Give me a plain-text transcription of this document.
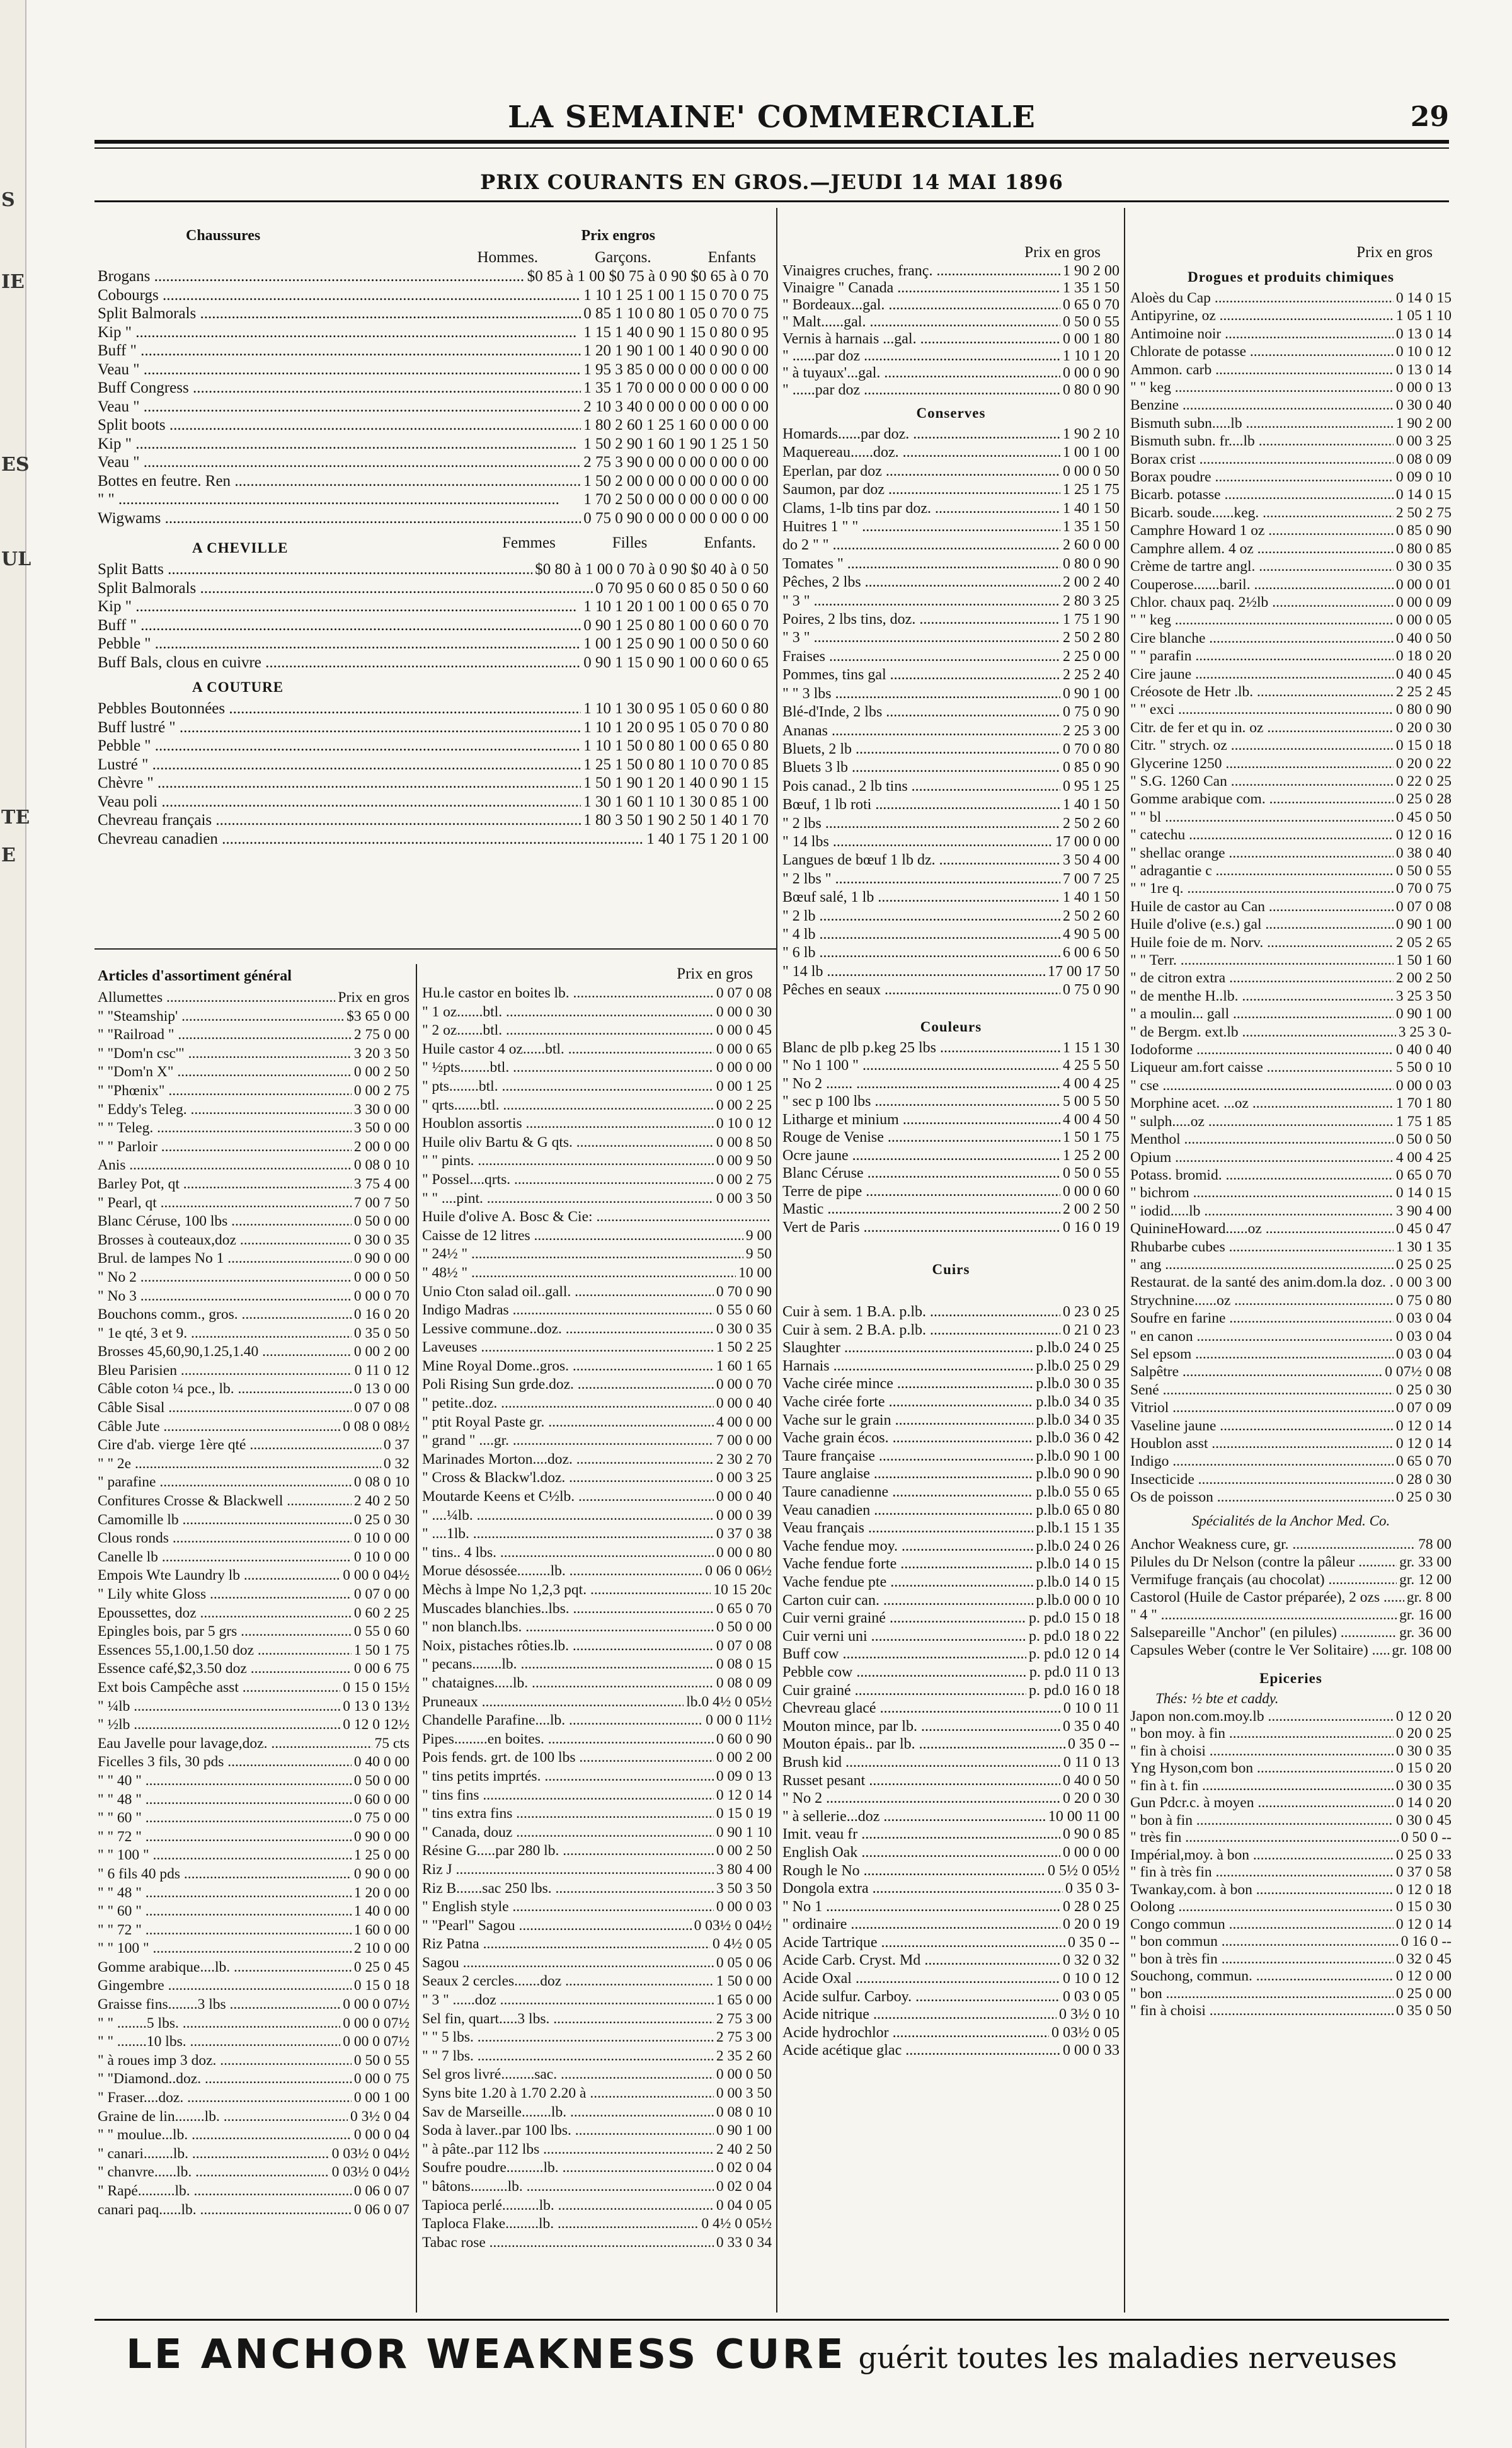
S
IE
ES
UL
TE
E
LA SEMAINE' COMMERCIALE	29
PRIX COURANTS EN GROS.—JEUDI 14 MAI 1896
Chaussures	Prix engros
Hommes.	Garçons.	Enfants
Brogans .....	$0 85 à 1 00 $0 75 à 0 90 $0 65 à 0 70
Cobourgs .....	1 10 1 25 1 00 1 15 0 70 0 75
Split Balmorals .....	0 85 1 10 0 80 1 05 0 70 0 75
Kip " .....	1 15 1 40 0 90 1 15 0 80 0 95
Buff " .....	1 20 1 90 1 00 1 40 0 90 0 00
Veau " .....	1 95 3 85 0 00 0 00 0 00 0 00
Buff Congress .....	1 35 1 70 0 00 0 00 0 00 0 00
Veau " .....	2 10 3 40 0 00 0 00 0 00 0 00
Split boots .....	1 80 2 60 1 25 1 60 0 00 0 00
Kip " .....	1 50 2 90 1 60 1 90 1 25 1 50
Veau " .....	2 75 3 90 0 00 0 00 0 00 0 00
Bottes en feutre. Ren .....	1 50 2 00 0 00 0 00 0 00 0 00
" " .....	1 70 2 50 0 00 0 00 0 00 0 00
Wigwams .....	0 75 0 90 0 00 0 00 0 00 0 00
A CHEVILLE	Femmes	Filles	Enfants.
Split Batts .....	$0 80 à 1 00 0 70 à 0 90 $0 40 à 0 50
Split Balmorals .....	0 70 95 0 60 0 85 0 50 0 60
Kip " .....	1 10 1 20 1 00 1 00 0 65 0 70
Buff " .....	0 90 1 25 0 80 1 00 0 60 0 70
Pebble " .....	1 00 1 25 0 90 1 00 0 50 0 60
Buff Bals, clous en cuivre .....	0 90 1 15 0 90 1 00 0 60 0 65
A COUTURE
Pebbles Boutonnées .....	1 10 1 30 0 95 1 05 0 60 0 80
Buff lustré " .....	1 10 1 20 0 95 1 05 0 70 0 80
Pebble " .....	1 10 1 50 0 80 1 00 0 65 0 80
Lustré " .....	1 25 1 50 0 80 1 10 0 70 0 85
Chèvre " .....	1 50 1 90 1 20 1 40 0 90 1 15
Veau poli .....	1 30 1 60 1 10 1 30 0 85 1 00
Chevreau français .....	1 80 3 50 1 90 2 50 1 40 1 70
Chevreau canadien .....	1 40 1 75 1 20 1 00
Articles d'assortiment général
Allumettes .....	Prix en gros
" "Steamship' .....	$3 65 0 00
" "Railroad " .....	2 75 0 00
" "Dom'n csc'" .....	3 20 3 50
" "Dom'n X" .....	0 00 2 50
" "Phœnix" .....	0 00 2 75
" Eddy's Teleg. .....	3 30 0 00
" " Teleg. .....	3 50 0 00
" " Parloir .....	2 00 0 00
Anis .....	0 08 0 10
Barley Pot, qt .....	3 75 4 00
" Pearl, qt .....	7 00 7 50
Blanc Céruse, 100 lbs .....	0 50 0 00
Brosses à couteaux,doz .....	0 30 0 35
Brul. de lampes No 1 .....	0 90 0 00
" No 2 .....	0 00 0 50
" No 3 .....	0 00 0 70
Bouchons comm., gros. .....	0 16 0 20
" 1e qté, 3 et 9. .....	0 35 0 50
Brosses 45,60,90,1.25,1.40 .....	0 00 2 00
Bleu Parisien .....	0 11 0 12
Câble coton ¼ pce., lb. .....	0 13 0 00
Câble Sisal .....	0 07 0 08
Câble Jute .....	0 08 0 08½
Cire d'ab. vierge 1ère qté .....	0 37
" " 2e .....	0 32
" parafine .....	0 08 0 10
Confitures Crosse & Blackwell .....	2 40 2 50
Camomille lb .....	0 25 0 30
Clous ronds .....	0 10 0 00
Canelle lb .....	0 10 0 00
Empois Wte Laundry lb .....	0 00 0 04½
" Lily white Gloss .....	0 07 0 00
Epoussettes, doz .....	0 60 2 25
Epingles bois, par 5 grs .....	0 55 0 60
Essences 55,1.00,1.50 doz .....	1 50 1 75
Essence café,$2,3.50 doz .....	0 00 6 75
Ext bois Campêche asst .....	0 15 0 15½
" ¼lb .....	0 13 0 13½
" ½lb .....	0 12 0 12½
Eau Javelle pour lavage,doz. .....	75 cts
Ficelles 3 fils, 30 pds .....	0 40 0 00
" " 40 " .....	0 50 0 00
" " 48 " .....	0 60 0 00
" " 60 " .....	0 75 0 00
" " 72 " .....	0 90 0 00
" " 100 " .....	1 25 0 00
" 6 fils 40 pds .....	0 90 0 00
" " 48 " .....	1 20 0 00
" " 60 " .....	1 40 0 00
" " 72 " .....	1 60 0 00
" " 100 " .....	2 10 0 00
Gomme arabique....lb. .....	0 25 0 45
Gingembre .....	0 15 0 18
Graisse fins........3 lbs .....	0 00 0 07½
" " ........5 lbs. .....	0 00 0 07½
" " ........10 lbs. .....	0 00 0 07½
" à roues imp 3 doz. .....	0 50 0 55
" "Diamond..doz. .....	0 00 0 75
" Fraser....doz. .....	0 00 1 00
Graine de lin........lb. .....	0 3½ 0 04
" " moulue...lb. .....	0 00 0 04
" canari........lb. .....	0 03½ 0 04½
" chanvre......lb. .....	0 03½ 0 04½
" Rapé..........lb. .....	0 06 0 07
canari paq......lb. .....	0 06 0 07
Prix en gros
Hu.le castor en boites lb. .....	0 07 0 08
" 1 oz.......btl. .....	0 00 0 30
" 2 oz.......btl. .....	0 00 0 45
Huile castor 4 oz......btl. .....	0 00 0 65
" ½pts........btl. .....	0 00 0 00
" pts........btl. .....	0 00 1 25
" qrts.......btl. .....	0 00 2 25
Houblon assortis .....	0 10 0 12
Huile oliv Bartu & G qts. .....	0 00 8 50
" " pints. .....	0 00 9 50
" Possel....qrts. .....	0 00 2 75
" " ....pint. .....	0 00 3 50
Huile d'olive A. Bosc & Cie: .....
Caisse de 12 litres .....	9 00
" 24½ " .....	9 50
" 48½ " .....	10 00
Unio Cton salad oil..gall. .....	0 70 0 90
Indigo Madras .....	0 55 0 60
Lessive commune..doz. .....	0 30 0 35
Laveuses .....	1 50 2 25
Mine Royal Dome..gros. .....	1 60 1 65
Poli Rising Sun grde.doz. .....	0 00 0 70
" petite..doz. .....	0 00 0 40
" ptit Royal Paste gr. .....	4 00 0 00
" grand " ....gr. .....	7 00 0 00
Marinades Morton....doz. .....	2 30 2 70
" Cross & Blackw'l.doz. .....	0 00 3 25
Moutarde Keens et C½lb. .....	0 00 0 40
" ....¼lb. .....	0 00 0 39
" ....1lb. .....	0 37 0 38
" tins.. 4 lbs. .....	0 00 0 80
Morue désossée.........lb. .....	0 06 0 06½
Mèchs à lmpe No 1,2,3 pqt. .....	10 15 20c
Muscades blanchies..lbs. .....	0 65 0 70
" non blanch.lbs. .....	0 50 0 00
Noix, pistaches rôties.lb. .....	0 07 0 08
" pecans........lb. .....	0 08 0 15
" chataignes.....lb. .....	0 08 0 09
Pruneaux .....	lb.0 4½ 0 05½
Chandelle Parafine....lb. .....	0 00 0 11½
Pipes.........en boites. .....	0 60 0 90
Pois fends. grt. de 100 lbs .....	0 00 2 00
" tins petits imprtés. .....	0 09 0 13
" tins fins .....	0 12 0 14
" tins extra fins .....	0 15 0 19
" Canada, douz .....	0 90 1 10
Résine G.....par 280 lb. .....	0 00 2 50
Riz J .....	3 80 4 00
Riz B.......sac 250 lbs. .....	3 50 3 50
" English style .....	0 00 0 03
" "Pearl" Sagou .....	0 03½ 0 04½
Riz Patna .....	0 4½ 0 05
Sagou .....	0 05 0 06
Seaux 2 cercles.......doz .....	1 50 0 00
" 3 " ......doz .....	1 65 0 00
Sel fin, quart.....3 lbs. .....	2 75 3 00
" " 5 lbs. .....	2 75 3 00
" " 7 lbs. .....	2 35 2 60
Sel gros livré.........sac. .....	0 00 0 50
Syns bite 1.20 à 1.70 2.20 à .....	0 00 3 50
Sav de Marseille........lb. .....	0 08 0 10
Soda à laver..par 100 lbs. .....	0 90 1 00
" à pâte..par 112 lbs .....	2 40 2 50
Soufre poudre..........lb. .....	0 02 0 04
" bâtons..........lb. .....	0 02 0 04
Tapioca perlé..........lb. .....	0 04 0 05
Taploca Flake.........lb. .....	0 4½ 0 05½
Tabac rose .....	0 33 0 34
Prix en gros
Vinaigres cruches, franç. .....	1 90 2 00
Vinaigre " Canada .....	1 35 1 50
" Bordeaux...gal. .....	0 65 0 70
" Malt......gal. .....	0 50 0 55
Vernis à harnais ...gal. .....	0 00 1 80
" ......par doz .....	1 10 1 20
" à tuyaux'...gal. .....	0 00 0 90
" ......par doz .....	0 80 0 90
Conserves
Homards......par doz. .....	1 90 2 10
Maquereau......doz. .....	1 00 1 00
Eperlan, par doz .....	0 00 0 50
Saumon, par doz .....	1 25 1 75
Clams, 1-lb tins par doz. .....	1 40 1 50
Huitres 1 " " .....	1 35 1 50
do 2 " " .....	2 60 0 00
Tomates " .....	0 80 0 90
Pêches, 2 lbs .....	2 00 2 40
" 3 " .....	2 80 3 25
Poires, 2 lbs tins, doz. .....	1 75 1 90
" 3 " .....	2 50 2 80
Fraises .....	2 25 0 00
Pommes, tins gal .....	2 25 2 40
" " 3 lbs .....	0 90 1 00
Blé-d'Inde, 2 lbs .....	0 75 0 90
Ananas .....	2 25 3 00
Bluets, 2 lb .....	0 70 0 80
Bluets 3 lb .....	0 85 0 90
Pois canad., 2 lb tins .....	0 95 1 25
Bœuf, 1 lb roti .....	1 40 1 50
" 2 lbs .....	2 50 2 60
" 14 lbs .....	17 00 0 00
Langues de bœuf 1 lb dz. .....	3 50 4 00
" 2 lbs " .....	7 00 7 25
Bœuf salé, 1 lb .....	1 40 1 50
" 2 lb .....	2 50 2 60
" 4 lb .....	4 90 5 00
" 6 lb .....	6 00 6 50
" 14 lb .....	17 00 17 50
Pêches en seaux .....	0 75 0 90
Couleurs
Blanc de plb p.keg 25 lbs .....	1 15 1 30
" No 1 100 " .....	4 25 5 50
" No 2 ....... .....	4 00 4 25
" sec p 100 lbs .....	5 00 5 50
Litharge et minium .....	4 00 4 50
Rouge de Venise .....	1 50 1 75
Ocre jaune .....	1 25 2 00
Blanc Céruse .....	0 50 0 55
Terre de pipe .....	0 00 0 60
Mastic .....	2 00 2 50
Vert de Paris .....	0 16 0 19
Cuirs
Cuir à sem. 1 B.A. p.lb. .....	0 23 0 25
Cuir à sem. 2 B.A. p.lb. .....	0 21 0 23
Slaughter .....	p.lb.0 24 0 25
Harnais .....	p.lb.0 25 0 29
Vache cirée mince .....	p.lb.0 30 0 35
Vache cirée forte .....	p.lb.0 34 0 35
Vache sur le grain .....	p.lb.0 34 0 35
Vache grain écos. .....	p.lb.0 36 0 42
Taure française .....	p.lb.0 90 1 00
Taure anglaise .....	p.lb.0 90 0 90
Taure canadienne .....	p.lb.0 55 0 65
Veau canadien .....	p.lb.0 65 0 80
Veau français .....	p.lb.1 15 1 35
Vache fendue moy. .....	p.lb.0 24 0 26
Vache fendue forte .....	p.lb.0 14 0 15
Vache fendue pte .....	p.lb.0 14 0 15
Carton cuir can. .....	p.lb.0 00 0 10
Cuir verni grainé .....	p. pd.0 15 0 18
Cuir verni uni .....	p. pd.0 18 0 22
Buff cow .....	p. pd.0 12 0 14
Pebble cow .....	p. pd.0 11 0 13
Cuir grainé .....	p. pd.0 16 0 18
Chevreau glacé .....	0 10 0 11
Mouton mince, par lb. .....	0 35 0 40
Mouton épais.. par lb. .....	0 35 0 --
Brush kid .....	0 11 0 13
Russet pesant .....	0 40 0 50
" No 2 .....	0 20 0 30
" à sellerie...doz .....	10 00 11 00
Imit. veau fr .....	0 90 0 85
English Oak .....	0 00 0 00
Rough le No .....	0 5½ 0 05½
Dongola extra .....	0 35 0 3-
" No 1 .....	0 28 0 25
" ordinaire .....	0 20 0 19
Acide Tartrique .....	0 35 0 --
Acide Carb. Cryst. Md .....	0 32 0 32
Acide Oxal .....	0 10 0 12
Acide sulfur. Carboy. .....	0 03 0 05
Acide nitrique .....	0 3½ 0 10
Acide hydrochlor .....	0 03½ 0 05
Acide acétique glac .....	0 00 0 33
Prix en gros
Drogues et produits chimiques
Aloès du Cap .....	0 14 0 15
Antipyrine, oz .....	1 05 1 10
Antimoine noir .....	0 13 0 14
Chlorate de potasse .....	0 10 0 12
Ammon. carb .....	0 13 0 14
" " keg .....	0 00 0 13
Benzine .....	0 30 0 40
Bismuth subn.....lb .....	1 90 2 00
Bismuth subn. fr....lb .....	0 00 3 25
Borax crist .....	0 08 0 09
Borax poudre .....	0 09 0 10
Bicarb. potasse .....	0 14 0 15
Bicarb. soude......keg. .....	2 50 2 75
Camphre Howard 1 oz .....	0 85 0 90
Camphre allem. 4 oz .....	0 80 0 85
Crème de tartre angl. .....	0 30 0 35
Couperose.......baril. .....	0 00 0 01
Chlor. chaux paq. 2½lb .....	0 00 0 09
" " keg .....	0 00 0 05
Cire blanche .....	0 40 0 50
" " parafin .....	0 18 0 20
Cire jaune .....	0 40 0 45
Créosote de Hetr .lb. .....	2 25 2 45
" " exci .....	0 80 0 90
Citr. de fer et qu in. oz .....	0 20 0 30
Citr. " strych. oz .....	0 15 0 18
Glycerine 1250 .....	0 20 0 22
" S.G. 1260 Can .....	0 22 0 25
Gomme arabique com. .....	0 25 0 28
" " bl .....	0 45 0 50
" catechu .....	0 12 0 16
" shellac orange .....	0 38 0 40
" adragantie c .....	0 50 0 55
" " 1re q. .....	0 70 0 75
Huile de castor au Can .....	0 07 0 08
Huile d'olive (e.s.) gal .....	0 90 1 00
Huile foie de m. Norv. .....	2 05 2 65
" " Terr. .....	1 50 1 60
" de citron extra .....	2 00 2 50
" de menthe H..lb. .....	3 25 3 50
" a moulin... gall .....	0 90 1 00
" de Bergm. ext.lb .....	3 25 3 0-
Iodoforme .....	0 40 0 40
Liqueur am.fort caisse .....	5 50 0 10
" cse .....	0 00 0 03
Morphine acet. ...oz .....	1 70 1 80
" sulph.....oz .....	1 75 1 85
Menthol .....	0 50 0 50
Opium .....	4 00 4 25
Potass. bromid. .....	0 65 0 70
" bichrom .....	0 14 0 15
" iodid.....lb .....	3 90 4 00
QuinineHoward......oz .....	0 45 0 47
Rhubarbe cubes .....	1 30 1 35
" ang .....	0 25 0 25
Restaurat. de la santé des anim.dom.la doz. ..... 0 00 3 00
Strychnine......oz .....	0 75 0 80
Soufre en farine .....	0 03 0 04
" en canon .....	0 03 0 04
Sel epsom .....	0 03 0 04
Salpêtre .....	0 07½ 0 08
Sené .....	0 25 0 30
Vitriol .....	0 07 0 09
Vaseline jaune .....	0 12 0 14
Houblon asst .....	0 12 0 14
Indigo .....	0 65 0 70
Insecticide .....	0 28 0 30
Os de poisson .....	0 25 0 30
Spécialités de la Anchor Med. Co.
Anchor Weakness cure, gr. .....	78 00
Pilules du Dr Nelson (contre la pâleur .....	gr. 33 00
Vermifuge français (au chocolat) .....	gr. 12 00
Castorol (Huile de Castor préparée), 2 ozs .....	gr. 8 00
" 4 " .....	gr. 16 00
Salsepareille "Anchor" (en pilules) .....	gr. 36 00
Capsules Weber (contre le Ver Solitaire) .....	gr. 108 00
Epiceries
Thés: ½ bte et caddy.
Japon non.com.moy.lb .....	0 12 0 20
" bon moy. à fin .....	0 20 0 25
" fin à choisi .....	0 30 0 35
Yng Hyson,com bon .....	0 15 0 20
" fin à t. fin .....	0 30 0 35
Gun Pdcr.c. à moyen .....	0 14 0 20
" bon à fin .....	0 30 0 45
" très fin .....	0 50 0 --
Impérial,moy. à bon .....	0 25 0 33
" fin à très fin .....	0 37 0 58
Twankay,com. à bon .....	0 12 0 18
Oolong .....	0 15 0 30
Congo commun .....	0 12 0 14
" bon commun .....	0 16 0 --
" bon à très fin .....	0 32 0 45
Souchong, commun. .....	0 12 0 00
" bon .....	0 25 0 00
" fin à choisi .....	0 35 0 50
LE ANCHOR WEAKNESS CURE guérit toutes les maladies nerveuses
